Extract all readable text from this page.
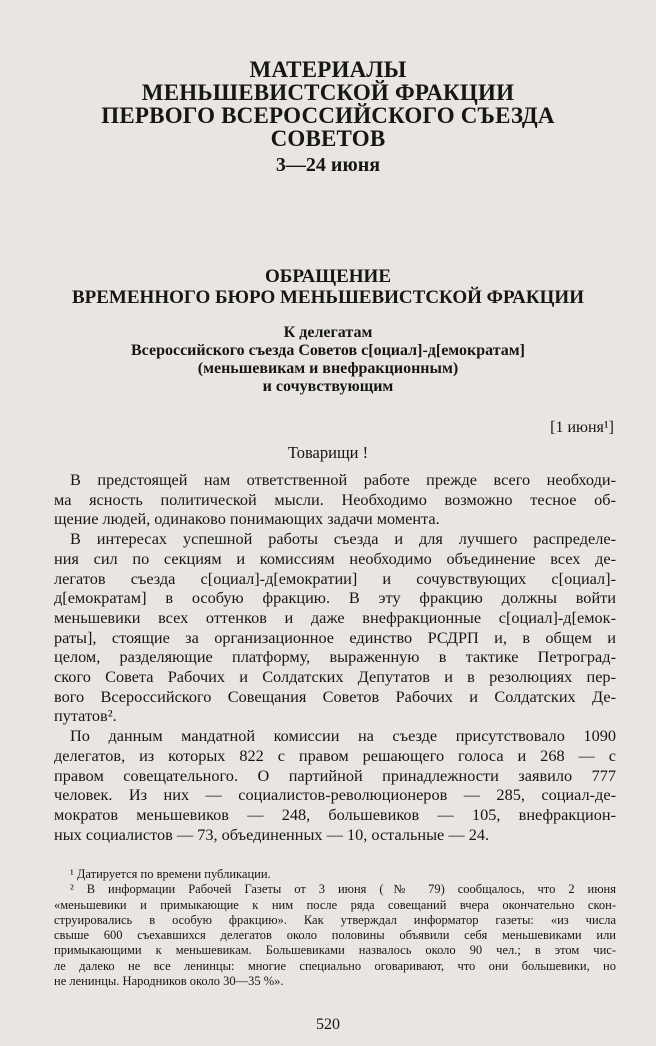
МАТЕРИАЛЫ
МЕНЬШЕВИСТСКОЙ ФРАКЦИИ
ПЕРВОГО ВСЕРОССИЙСКОГО СЪЕЗДА
СОВЕТОВ
3—24 июня
ОБРАЩЕНИЕ
ВРЕМЕННОГО БЮРО МЕНЬШЕВИСТСКОЙ ФРАКЦИИ
К делегатам
Всероссийского съезда Советов с[оциал]-д[емократам]
(меньшевикам и внефракционным)
и сочувствующим
[1 июня¹]
Товарищи !

В предстоящей нам ответственной работе прежде всего необходи-
ма ясность политической мысли. Необходимо возможно тесное об-
щение людей, одинаково понимающих задачи момента.

В интересах успешной работы съезда и для лучшего распределе-
ния сил по секциям и комиссиям необходимо объединение всех де-
легатов съезда с[оциал]-д[емократии] и сочувствующих с[оциал]-
д[емократам] в особую фракцию. В эту фракцию должны войти
меньшевики всех оттенков и даже внефракционные с[оциал]-д[емок-
раты], стоящие за организационное единство РСДРП и, в общем и
целом, разделяющие платформу, выраженную в тактике Петроград-
ского Совета Рабочих и Солдатских Депутатов и в резолюциях пер-
вого Всероссийского Совещания Советов Рабочих и Солдатских Де-
путатов².

По данным мандатной комиссии на съезде присутствовало 1090
делегатов, из которых 822 с правом решающего голоса и 268 — с
правом совещательного. О партийной принадлежности заявило 777
человек. Из них — социалистов-революционеров — 285, социал-де-
мократов меньшевиков — 248, большевиков — 105, внефракцион-
ных социалистов — 73, объединенных — 10, остальные — 24.

¹ Датируется по времени публикации.
² В информации Рабочей Газеты от 3 июня (№ 79) сообщалось, что 2 июня
«меньшевики и примыкающие к ним после ряда совещаний вчера окончательно скон-
струировались в особую фракцию». Как утверждал информатор газеты: «из числа
свыше 600 съехавшихся делегатов около половины объявили себя меньшевиками или
примыкающими к меньшевикам. Большевиками назвалось около 90 чел.; в этом чис-
ле далеко не все ленинцы: многие специально оговаривают, что они большевики, но
не ленинцы. Народников около 30—35 %».
520
